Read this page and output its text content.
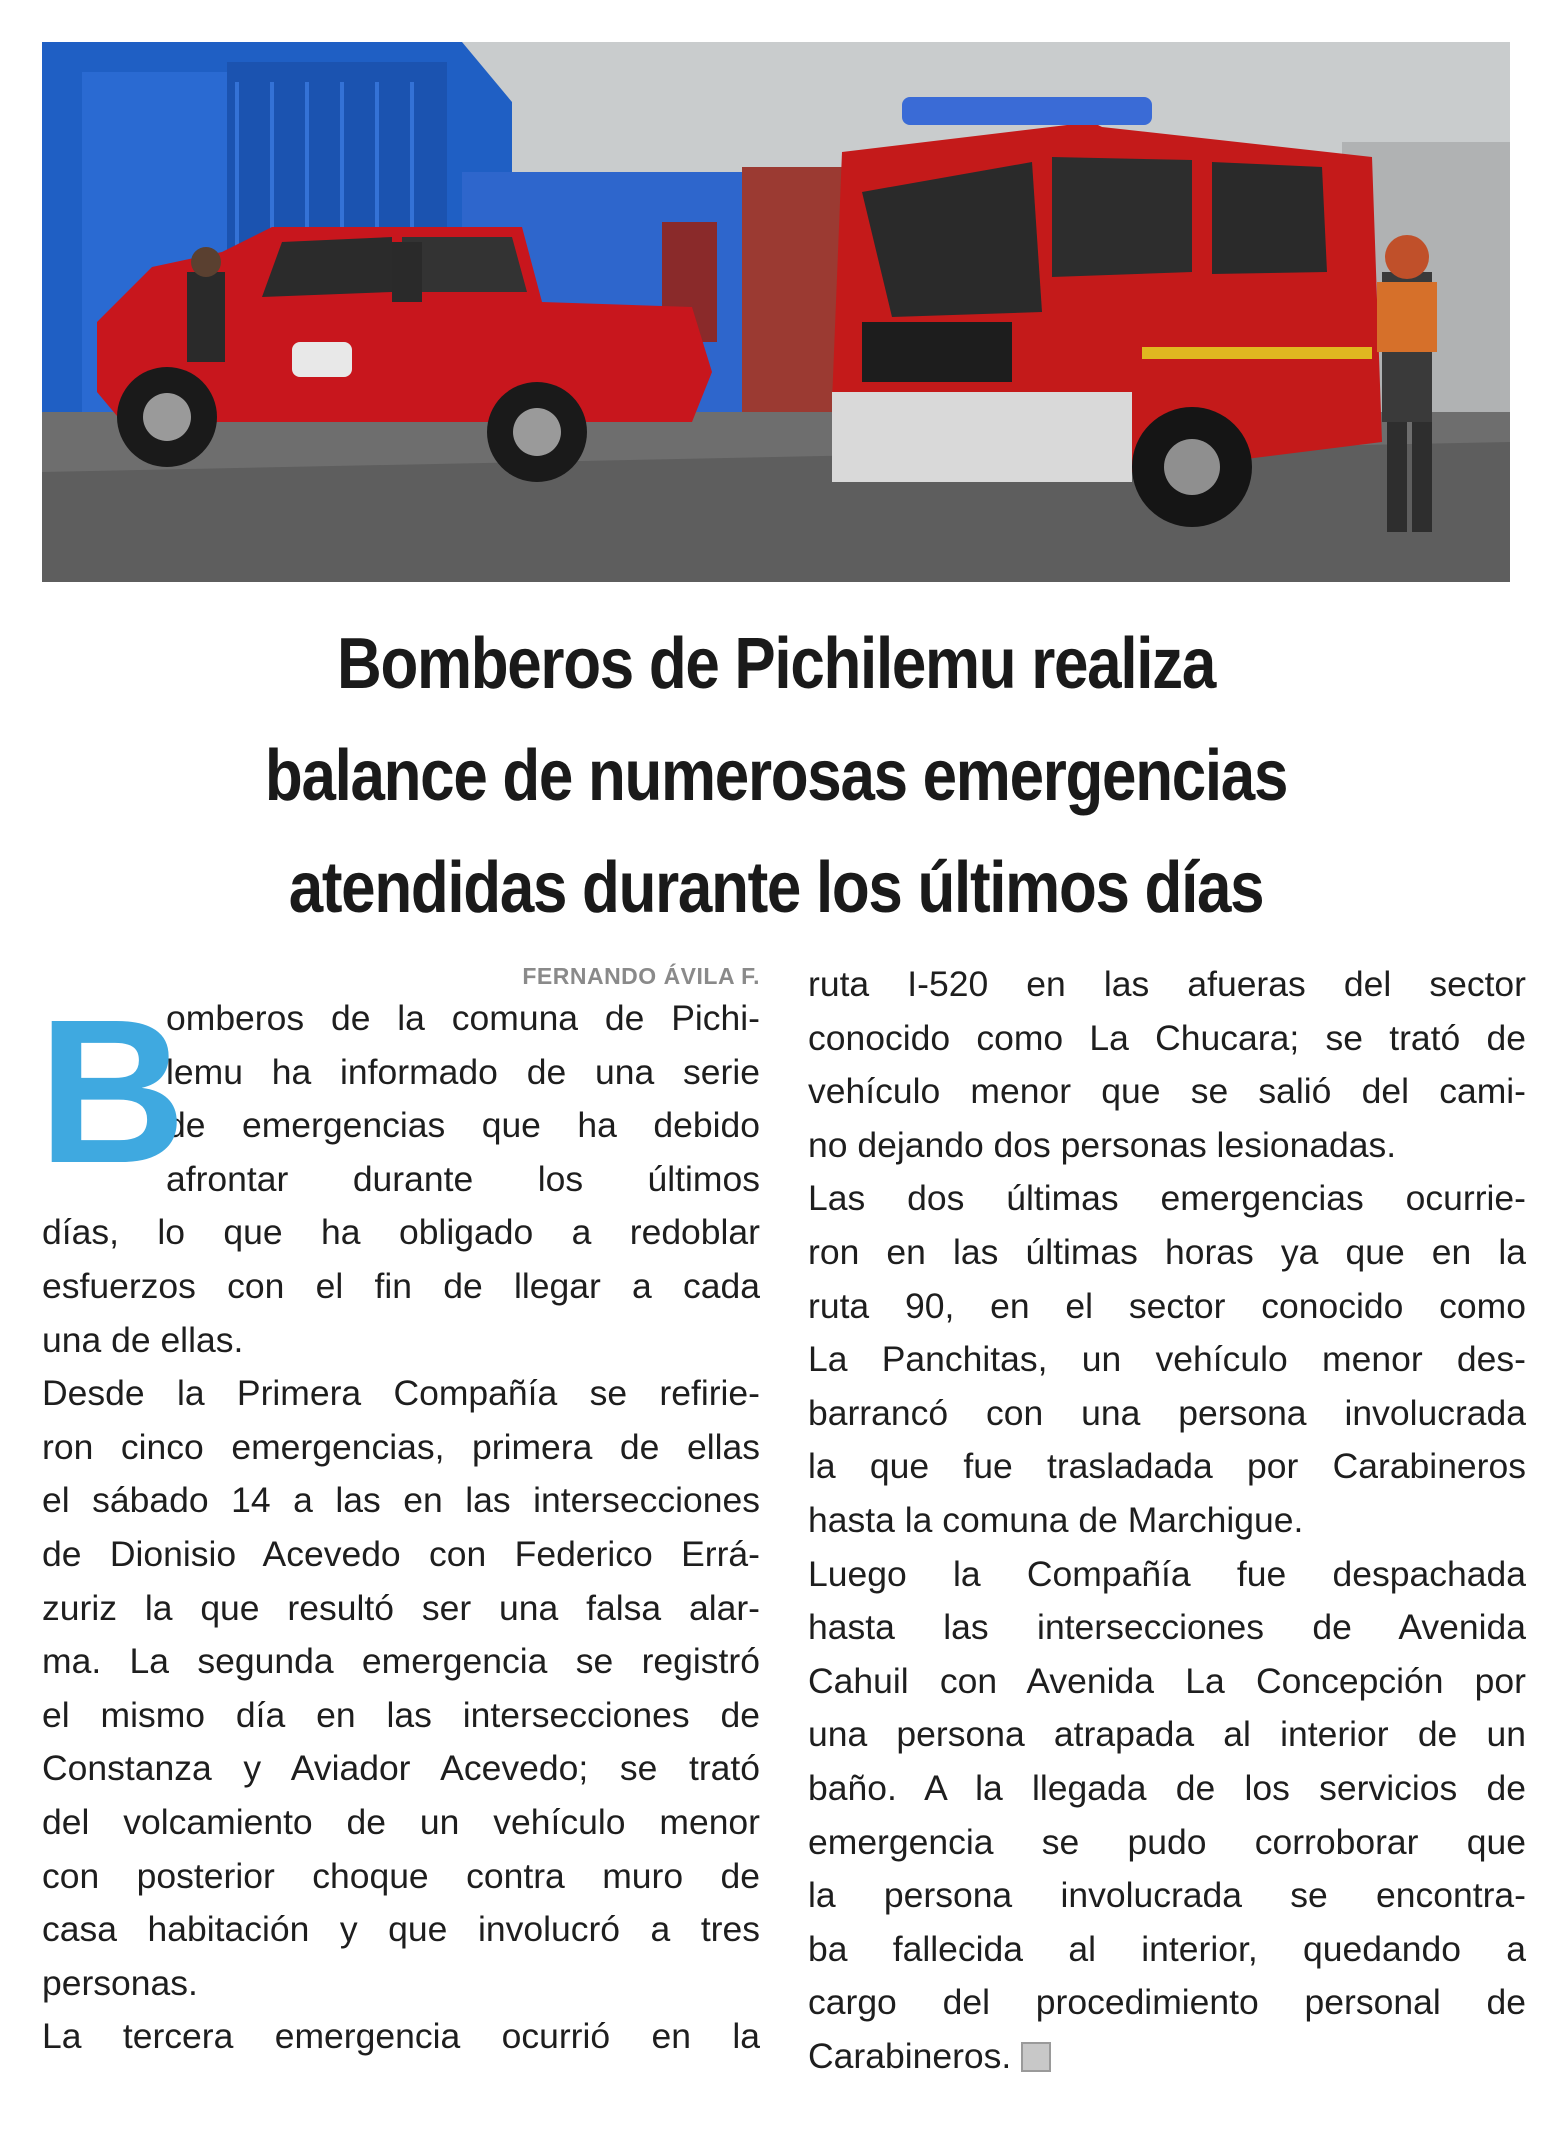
Bomberos de Pichilemu realiza
balance de numerosas emergencias
atendidas durante los últimos días
FERNANDO ÁVILA F.
B
omberos de la comuna de Pichi-
lemu ha informado de una serie
de emergencias que ha debido
afrontar durante los últimos
días, lo que ha obligado a redoblar
esfuerzos con el fin de llegar a cada
una de ellas.
Desde la Primera Compañía se refirie-
ron cinco emergencias, primera de ellas
el sábado 14 a las en las intersecciones
de Dionisio Acevedo con Federico Errá-
zuriz la que resultó ser una falsa alar-
ma. La segunda emergencia se registró
el mismo día en las intersecciones de
Constanza y Aviador Acevedo; se trató
del volcamiento de un vehículo menor
con posterior choque contra muro de
casa habitación y que involucró a tres
personas.
La tercera emergencia ocurrió en la
ruta I-520 en las afueras del sector
conocido como La Chucara; se trató de
vehículo menor que se salió del cami-
no dejando dos personas lesionadas.
Las dos últimas emergencias ocurrie-
ron en las últimas horas ya que en la
ruta 90, en el sector conocido como
La Panchitas, un vehículo menor des-
barrancó con una persona involucrada
la que fue trasladada por Carabineros
hasta la comuna de Marchigue.
Luego la Compañía fue despachada
hasta las intersecciones de Avenida
Cahuil con Avenida La Concepción por
una persona atrapada al interior de un
baño. A la llegada de los servicios de
emergencia se pudo corroborar que
la persona involucrada se encontra-
ba fallecida al interior, quedando a
cargo del procedimiento personal de
Carabineros.
